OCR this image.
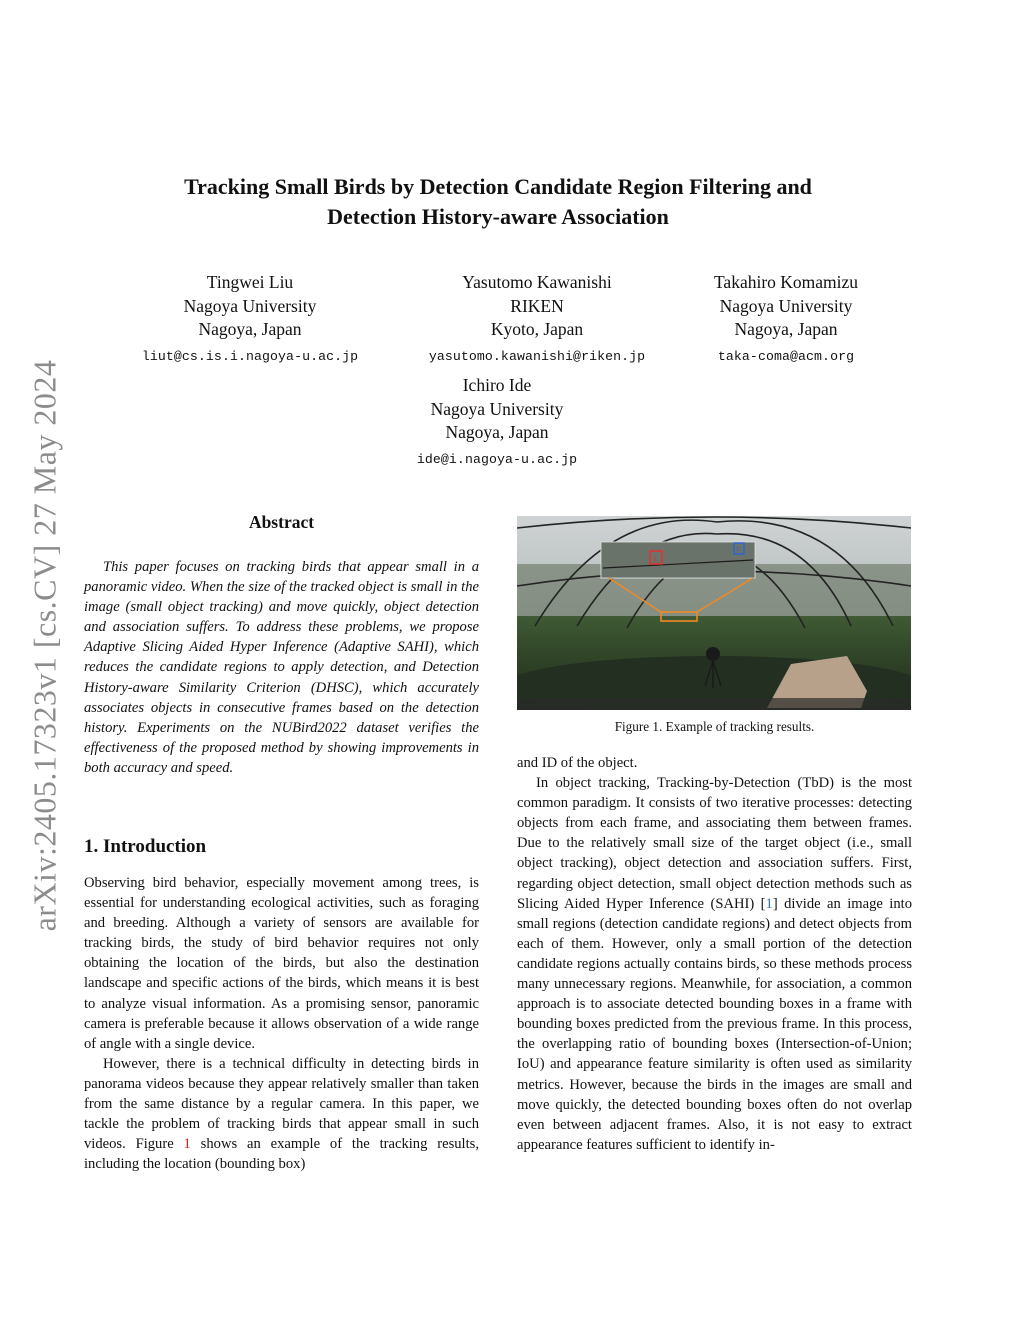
arXiv:2405.17323v1 [cs.CV] 27 May 2024
Tracking Small Birds by Detection Candidate Region Filtering and
Detection History-aware Association
Tingwei Liu
Nagoya University
Nagoya, Japan
liut@cs.is.i.nagoya-u.ac.jp
Yasutomo Kawanishi
RIKEN
Kyoto, Japan
yasutomo.kawanishi@riken.jp
Takahiro Komamizu
Nagoya University
Nagoya, Japan
taka-coma@acm.org
Ichiro Ide
Nagoya University
Nagoya, Japan
ide@i.nagoya-u.ac.jp
Abstract

This paper focuses on tracking birds that appear small in a panoramic video. When the size of the tracked object is small in the image (small object tracking) and move quickly, object detection and association suffers. To address these problems, we propose Adaptive Slicing Aided Hyper Inference (Adaptive SAHI), which reduces the candidate regions to apply detection, and Detection History-aware Similarity Criterion (DHSC), which accurately associates objects in consecutive frames based on the detection history. Experiments on the NUBird2022 dataset verifies the effectiveness of the proposed method by showing improvements in both accuracy and speed.

1. Introduction

Observing bird behavior, especially movement among trees, is essential for understanding ecological activities, such as foraging and breeding. Although a variety of sensors are available for tracking birds, the study of bird behavior requires not only obtaining the location of the birds, but also the destination landscape and specific actions of the birds, which means it is best to analyze visual information. As a promising sensor, panoramic camera is preferable because it allows observation of a wide range of angle with a single device.

However, there is a technical difficulty in detecting birds in panorama videos because they appear relatively smaller than taken from the same distance by a regular camera. In this paper, we tackle the problem of tracking birds that appear small in such videos. Figure 1 shows an example of the tracking results, including the location (bounding box)

1
2
Figure 1. Example of tracking results.

and ID of the object.

In object tracking, Tracking-by-Detection (TbD) is the most common paradigm. It consists of two iterative processes: detecting objects from each frame, and associating them between frames. Due to the relatively small size of the target object (i.e., small object tracking), object detection and association suffers. First, regarding object detection, small object detection methods such as Slicing Aided Hyper Inference (SAHI) [1] divide an image into small regions (detection candidate regions) and detect objects from each of them. However, only a small portion of the detection candidate regions actually contains birds, so these methods process many unnecessary regions. Meanwhile, for association, a common approach is to associate detected bounding boxes in a frame with bounding boxes predicted from the previous frame. In this process, the overlapping ratio of bounding boxes (Intersection-of-Union; IoU) and appearance feature similarity is often used as similarity metrics. However, because the birds in the images are small and move quickly, the detected bounding boxes often do not overlap even between adjacent frames. Also, it is not easy to extract appearance features sufficient to identify in-
